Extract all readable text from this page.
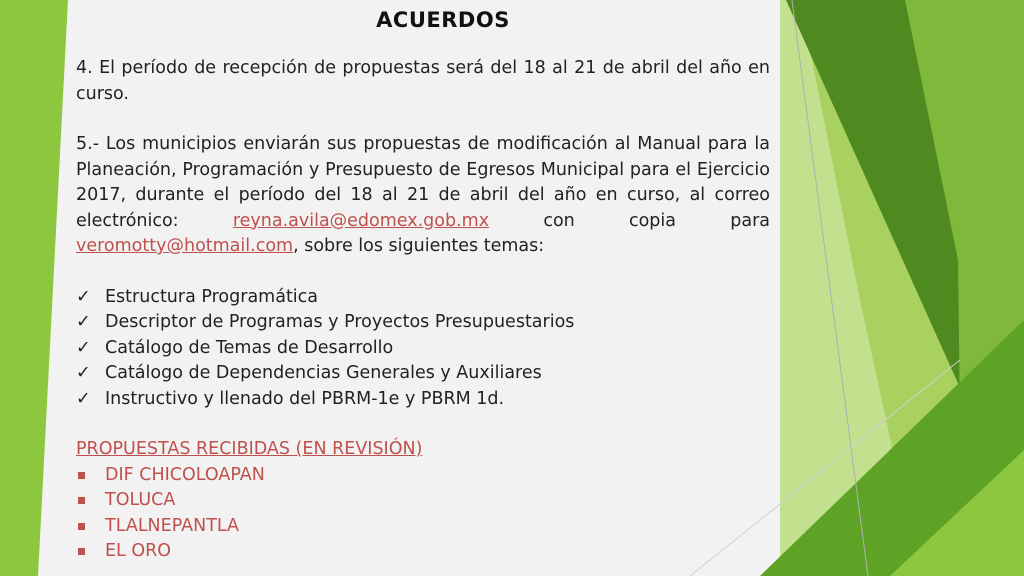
ACUERDOS

4. El período de recepción de propuestas será del 18 al 21 de abril del año en curso.

5.- Los municipios enviarán sus propuestas de modificación al Manual para la Planeación, Programación y Presupuesto de Egresos Municipal para el Ejercicio 2017, durante el período del 18 al 21 de abril del año en curso, al correo electrónico: reyna.avila@edomex.gob.mx con copia para veromotty@hotmail.com, sobre los siguientes temas:

✓ Estructura Programática
✓ Descriptor de Programas y Proyectos Presupuestarios
✓ Catálogo de Temas de Desarrollo
✓ Catálogo de Dependencias Generales y Auxiliares
✓ Instructivo y llenado del PBRM-1e y PBRM 1d.
PROPUESTAS RECIBIDAS (EN REVISIÓN)
DIF CHICOLOAPAN
TOLUCA
TLALNEPANTLA
EL ORO
